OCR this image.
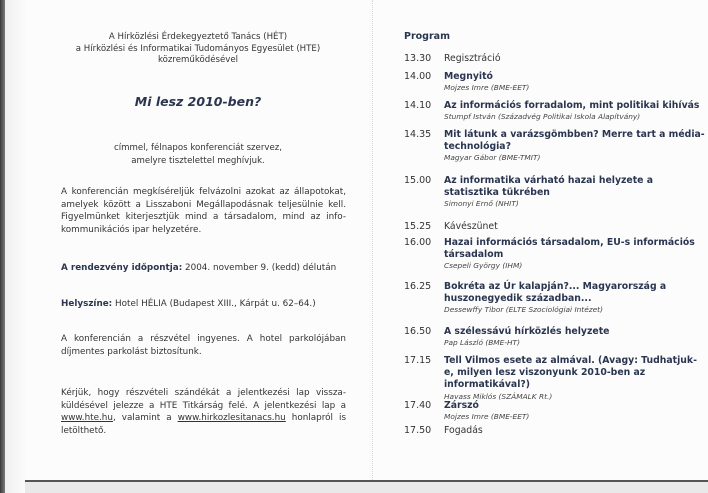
A Hírközlési Érdekegyeztető Tanács (HÉT)
a Hírközlési és Informatikai Tudományos Egyesület (HTE)
közreműködésével
Mi lesz 2010-ben?
címmel, félnapos konferenciát szervez,
amelyre tisztelettel meghívjuk.
A konferencián megkíséreljük felvázolni azokat az állapotokat, amelyek között a Lisszaboni Megállapodásnak teljesülnie kell. Figyelmünket kiterjesztjük mind a társadalom, mind az info-kommunikációs ipar helyzetére.
A rendezvény időpontja: 2004. november 9. (kedd) délután
Helyszíne: Hotel HÉLIA (Budapest XIII., Kárpát u. 62–64.)
A konferencián a részvétel ingyenes. A hotel parkolójában díjmentes parkolást biztosítunk.
Kérjük, hogy részvételi szándékát a jelentkezési lap vissza-küldésével jelezze a HTE Titkárság felé. A jelentkezési lap a www.hte.hu, valamint a www.hirkozlesitanacs.hu honlapról is letölthető.
Program
13.30	Regisztráció
14.00	Megnyitó
Mojzes Imre (BME-EET)
14.10	Az információs forradalom, mint politikai kihívás
Stumpf István (Századvég Politikai Iskola Alapítvány)
14.35	Mit látunk a varázsgömbben? Merre tart a média-technológia?
Magyar Gábor (BME-TMIT)
15.00	Az informatika várható hazai helyzete a statisztika tükrében
Simonyi Ernő (NHIT)
15.25	Kávészünet
16.00	Hazai információs társadalom, EU-s információs társadalom
Csepeli György (IHM)
16.25	Bokréta az Úr kalapján?... Magyarország a huszonegyedik században...
Dessewffy Tibor (ELTE Szociológiai Intézet)
16.50	A szélessávú hírközlés helyzete
Pap László (BME-HT)
17.15	Tell Vilmos esete az almával. (Avagy: Tudhatjuk-e, milyen lesz viszonyunk 2010-ben az informatikával?)
Havass Miklós (SZÁMALK Rt.)
17.40	Zárszó
Mojzes Imre (BME-EET)
17.50	Fogadás
